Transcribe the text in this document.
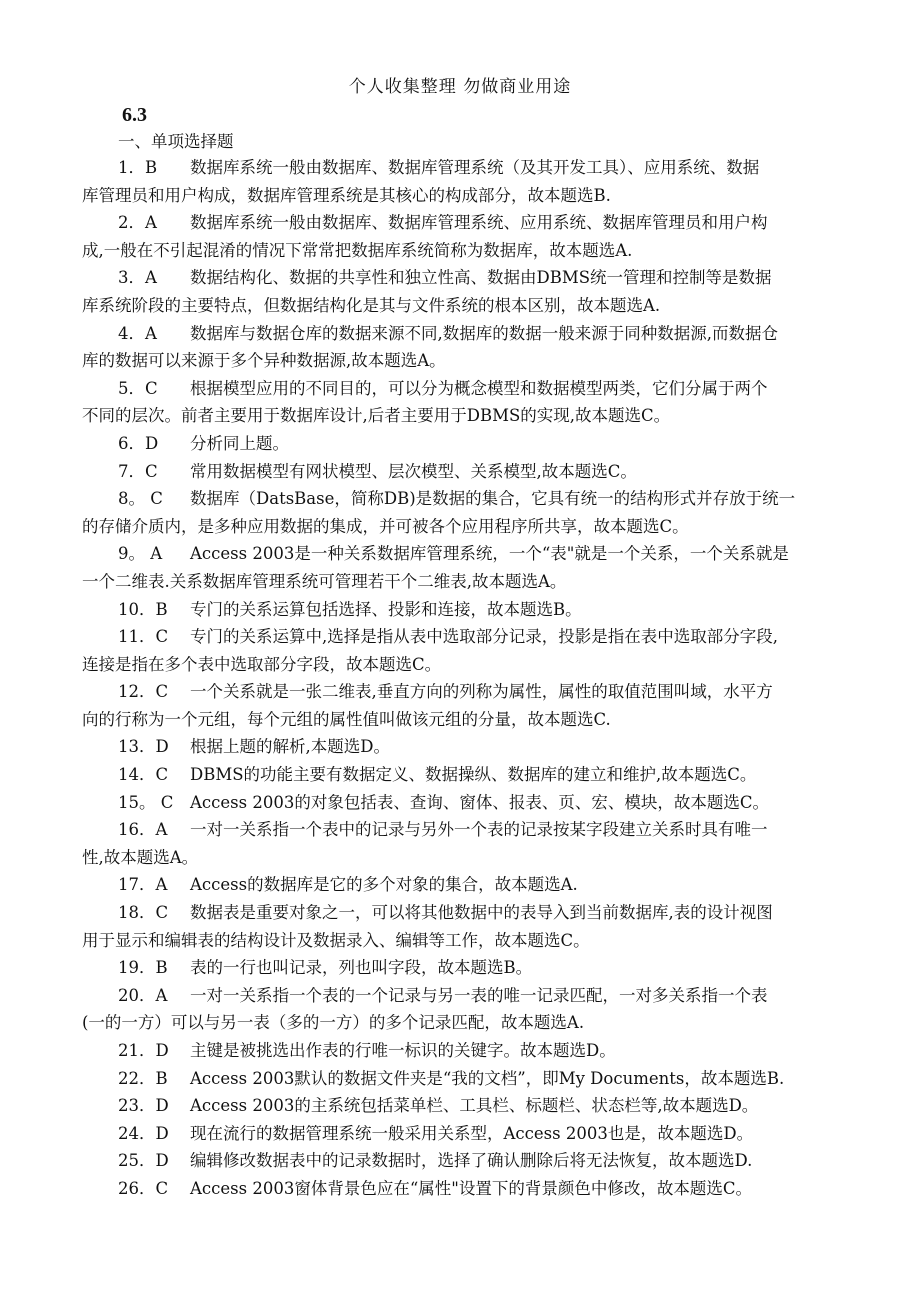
个人收集整理 勿做商业用途
6.3
一、单项选择题
1．B 数据库系统一般由数据库、数据库管理系统（及其开发工具）、应用系统、数据
库管理员和用户构成，数据库管理系统是其核心的构成部分，故本题选B.
2．A 数据库系统一般由数据库、数据库管理系统、应用系统、数据库管理员和用户构
成,一般在不引起混淆的情况下常常把数据库系统简称为数据库，故本题选A.
3．A 数据结构化、数据的共享性和独立性高、数据由DBMS统一管理和控制等是数据
库系统阶段的主要特点，但数据结构化是其与文件系统的根本区别，故本题选A.
4．A 数据库与数据仓库的数据来源不同,数据库的数据一般来源于同种数据源,而数据仓
库的数据可以来源于多个异种数据源,故本题选A。
5．C 根据模型应用的不同目的，可以分为概念模型和数据模型两类，它们分属于两个
不同的层次。前者主要用于数据库设计,后者主要用于DBMS的实现,故本题选C。
6．D 分析同上题。
7．C 常用数据模型有网状模型、层次模型、关系模型,故本题选C。
8。 C 数据库（DatsBase，简称DB)是数据的集合，它具有统一的结构形式并存放于统一
的存储介质内，是多种应用数据的集成，并可被各个应用程序所共享，故本题选C。
9。 A Access 2003是一种关系数据库管理系统，一个“表"就是一个关系，一个关系就是
一个二维表.关系数据库管理系统可管理若干个二维表,故本题选A。
10．B 专门的关系运算包括选择、投影和连接，故本题选B。
11．C 专门的关系运算中,选择是指从表中选取部分记录，投影是指在表中选取部分字段,
连接是指在多个表中选取部分字段，故本题选C。
12．C 一个关系就是一张二维表,垂直方向的列称为属性，属性的取值范围叫域，水平方
向的行称为一个元组，每个元组的属性值叫做该元组的分量，故本题选C.
13．D 根据上题的解析,本题选D。
14．C DBMS的功能主要有数据定义、数据操纵、数据库的建立和维护,故本题选C。
15。 C Access 2003的对象包括表、查询、窗体、报表、页、宏、模块，故本题选C。
16．A 一对一关系指一个表中的记录与另外一个表的记录按某字段建立关系时具有唯一
性,故本题选A。
17．A Access的数据库是它的多个对象的集合，故本题选A.
18．C 数据表是重要对象之一，可以将其他数据中的表导入到当前数据库,表的设计视图
用于显示和编辑表的结构设计及数据录入、编辑等工作，故本题选C。
19．B 表的一行也叫记录，列也叫字段，故本题选B。
20．A 一对一关系指一个表的一个记录与另一表的唯一记录匹配，一对多关系指一个表
(一的一方）可以与另一表（多的一方）的多个记录匹配，故本题选A.
21．D 主键是被挑选出作表的行唯一标识的关键字。故本题选D。
22．B Access 2003默认的数据文件夹是“我的文档”，即My Documents，故本题选B.
23．D Access 2003的主系统包括菜单栏、工具栏、标题栏、状态栏等,故本题选D。
24．D 现在流行的数据管理系统一般采用关系型，Access 2003也是，故本题选D。
25．D 编辑修改数据表中的记录数据时，选择了确认删除后将无法恢复，故本题选D.
26．C Access 2003窗体背景色应在“属性"设置下的背景颜色中修改，故本题选C。
